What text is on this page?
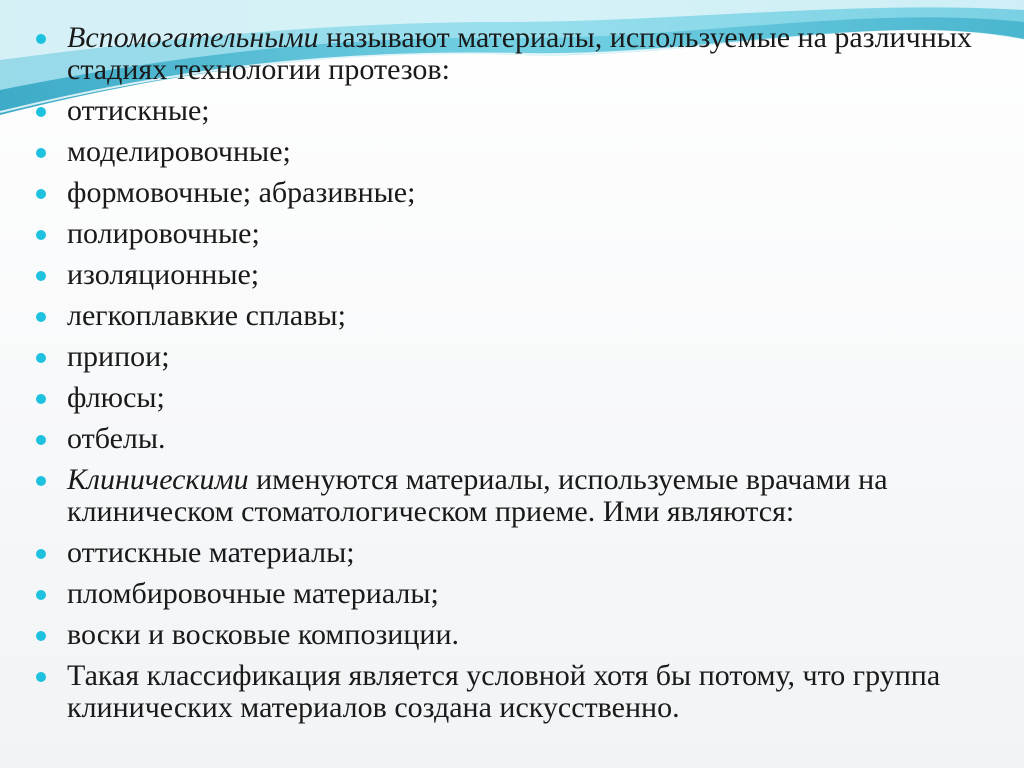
Вспомогательными называют материалы, используемые на различных стадиях технологии протезов:
оттискные;
моделировочные;
формовочные; абразивные;
полировочные;
изоляционные;
легкоплавкие сплавы;
припои;
флюсы;
отбелы.
Клиническими именуются материалы, используемые врачами на клиническом стоматологическом приеме. Ими являются:
оттискные материалы;
пломбировочные материалы;
воски и восковые композиции.
Такая классификация является условной хотя бы потому, что группа клинических материалов создана искусственно.
